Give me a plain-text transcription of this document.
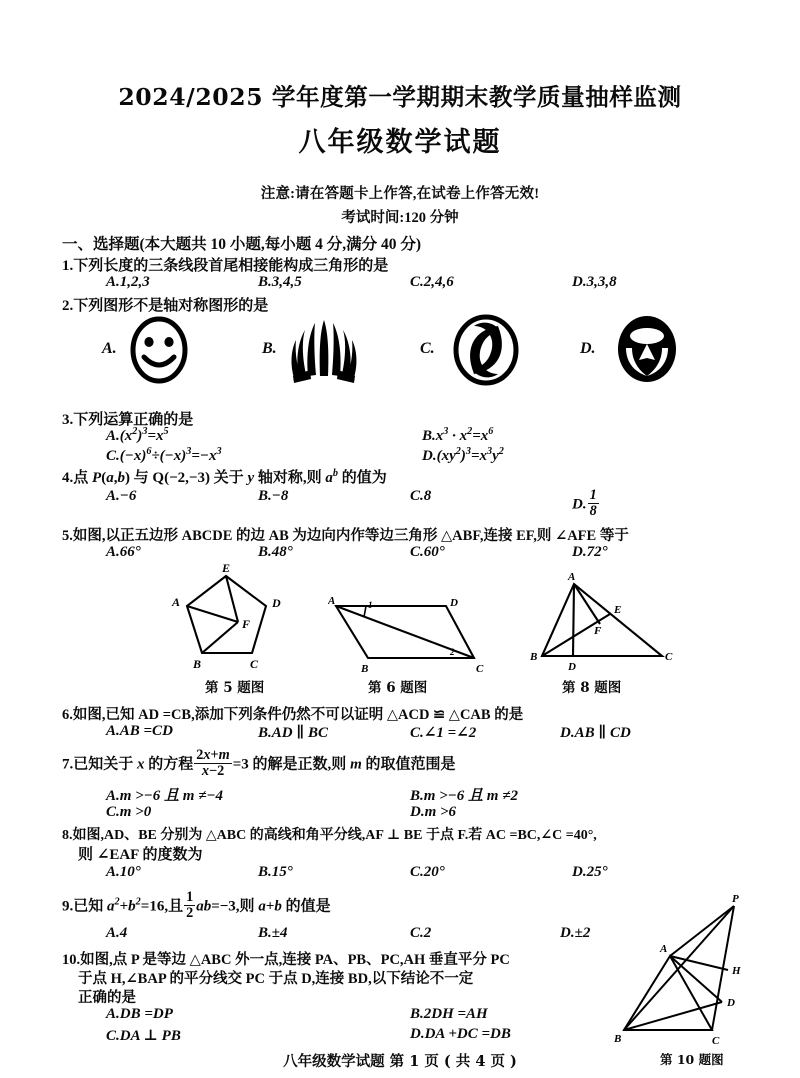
2024/2025 学年度第一学期期末教学质量抽样监测
八年级数学试题
注意:请在答题卡上作答,在试卷上作答无效!
考试时间:120 分钟
一、选择题(本大题共 10 小题,每小题 4 分,满分 40 分)
1.下列长度的三条线段首尾相接能构成三角形的是
A.1,2,3	B.3,4,5	C.2,4,6	D.3,3,8
2.下列图形不是轴对称图形的是
A.	B.	C.	D.
3.下列运算正确的是
$A.(x^2)^3=x^5$	$B.x^3 \cdot x^2=x^6$
$C.(-x)^6\div(-x)^3=-x^3$	$D.(xy^2)^3=x^3y^2$
4.点 P(a,b) 与 Q(−2,−3) 关于 y 轴对称,则 $a^b$ 的值为
A.−6	B.−8	C.8
D. $\frac{1}{8}$
5.如图,以正五边形 ABCDE 的边 AB 为边向内作等边三角形 △ABF,连接 EF,则 ∠AFE 等于
A.66°	B.48°	C.60°	D.72°
E
A	D
B	C
F
第 5 题图
A	D
B	C
1
2
第 6 题图
A
B	C
D
E
F
第 8 题图
6.如图,已知 AD =CB,添加下列条件仍然不可以证明 △ACD ≌ △CAB 的是
A.AB =CD	B.AD ∥ BC	C.∠1 =∠2	D.AB ∥ CD
7.已知关于 x 的方程 $\frac{2x+m}{x-2} =3$ 的解是正数,则 m 的取值范围是
A.m >−6 且 m ≠−4	B.m >−6 且 m ≠2
C.m >0	D.m >6
8.如图,AD、BE 分别为 △ABC 的高线和角平分线,AF ⊥ BE 于点 F.若 AC =BC,∠C =40°,
则 ∠EAF 的度数为
A.10°	B.15°	C.20°	D.25°
9.已知 $a^2+b^2=16$,且 $\frac{1}{2} ab=-3$,则 a+b 的值是
A.4	B.±4	C.2	D.±2
10.如图,点 P 是等边 △ABC 外一点,连接 PA、PB、PC,AH 垂直平分 PC
于点 H,∠BAP 的平分线交 PC 于点 D,连接 BD,以下结论不一定
正确的是
A.DB =DP	B.2DH =AH
C.DA ⊥ PB	D.DA +DC =DB
P
A
B	C
H
D
第 10 题图
八年级数学试题 第 1 页 ( 共 4 页 )
